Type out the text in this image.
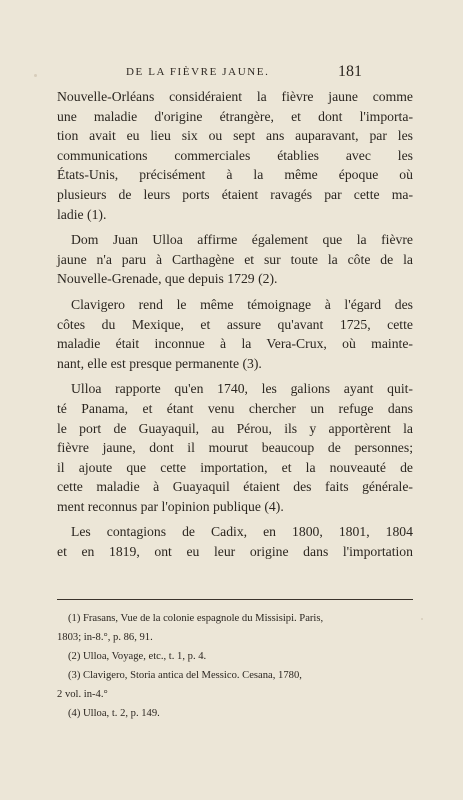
DE LA FIÈVRE JAUNE.	181
Nouvelle-Orléans considéraient la fièvre jaune comme
une maladie d'origine étrangère, et dont l'importa-
tion avait eu lieu six ou sept ans auparavant, par les
communications commerciales établies avec les
États-Unis, précisément à la même époque où
plusieurs de leurs ports étaient ravagés par cette ma-
ladie (1).
Dom Juan Ulloa affirme également que la fièvre
jaune n'a paru à Carthagène et sur toute la côte de la
Nouvelle-Grenade, que depuis 1729 (2).
Clavigero rend le même témoignage à l'égard des
côtes du Mexique, et assure qu'avant 1725, cette
maladie était inconnue à la Vera-Crux, où mainte-
nant, elle est presque permanente (3).
Ulloa rapporte qu'en 1740, les galions ayant quit-
té Panama, et étant venu chercher un refuge dans
le port de Guayaquil, au Pérou, ils y apportèrent la
fièvre jaune, dont il mourut beaucoup de personnes;
il ajoute que cette importation, et la nouveauté de
cette maladie à Guayaquil étaient des faits générale-
ment reconnus par l'opinion publique (4).
Les contagions de Cadix, en 1800, 1801, 1804
et en 1819, ont eu leur origine dans l'importation
(1) Frasans, Vue de la colonie espagnole du Missisipi. Paris,
1803; in-8.°, p. 86, 91.
(2) Ulloa, Voyage, etc., t. 1, p. 4.
(3) Clavigero, Storia antica del Messico. Cesana, 1780,
2 vol. in-4.°
(4) Ulloa, t. 2, p. 149.
